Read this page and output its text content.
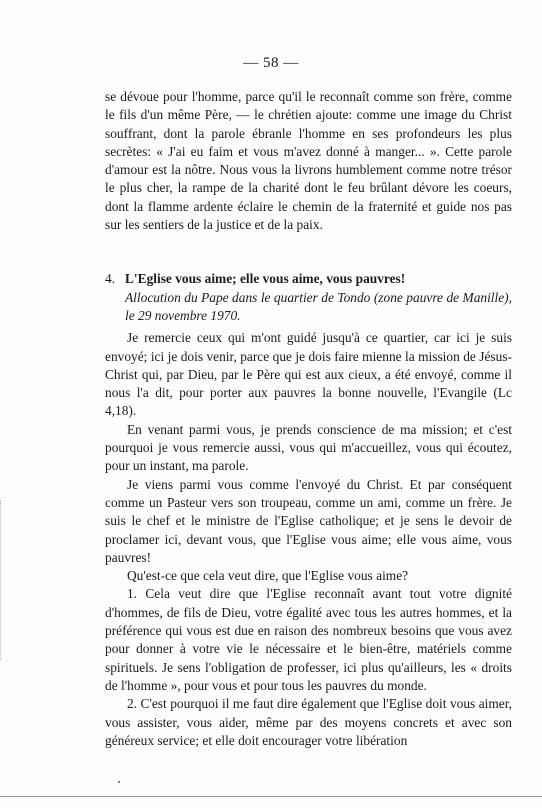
— 58 —

se dévoue pour l'homme, parce qu'il le reconnaît comme son frère, comme le fils d'un même Père, — le chrétien ajoute: comme une image du Christ souffrant, dont la parole ébranle l'homme en ses profondeurs les plus secrètes: « J'ai eu faim et vous m'avez donné à manger... ». Cette parole d'amour est la nôtre. Nous vous la livrons humblement comme notre trésor le plus cher, la rampe de la charité dont le feu brûlant dévore les coeurs, dont la flamme ardente éclaire le chemin de la fraternité et guide nos pas sur les sentiers de la justice et de la paix.

4. L'Eglise vous aime; elle vous aime, vous pauvres!

Allocution du Pape dans le quartier de Tondo (zone pauvre de Manille), le 29 novembre 1970.

Je remercie ceux qui m'ont guidé jusqu'à ce quartier, car ici je suis envoyé; ici je dois venir, parce que je dois faire mienne la mission de Jésus-Christ qui, par Dieu, par le Père qui est aux cieux, a été envoyé, comme il nous l'a dit, pour porter aux pauvres la bonne nouvelle, l'Evangile (Lc 4,18).

En venant parmi vous, je prends conscience de ma mission; et c'est pourquoi je vous remercie aussi, vous qui m'accueillez, vous qui écoutez, pour un instant, ma parole.

Je viens parmi vous comme l'envoyé du Christ. Et par conséquent comme un Pasteur vers son troupeau, comme un ami, comme un frère. Je suis le chef et le ministre de l'Eglise catholique; et je sens le devoir de proclamer ici, devant vous, que l'Eglise vous aime; elle vous aime, vous pauvres!

Qu'est-ce que cela veut dire, que l'Eglise vous aime?

1. Cela veut dire que l'Eglise reconnaît avant tout votre dignité d'hommes, de fils de Dieu, votre égalité avec tous les autres hommes, et la préférence qui vous est due en raison des nombreux besoins que vous avez pour donner à votre vie le nécessaire et le bien-être, matériels comme spirituels. Je sens l'obligation de professer, ici plus qu'ailleurs, les « droits de l'homme », pour vous et pour tous les pauvres du monde.

2. C'est pourquoi il me faut dire également que l'Eglise doit vous aimer, vous assister, vous aider, même par des moyens concrets et avec son généreux service; et elle doit encourager votre libération
